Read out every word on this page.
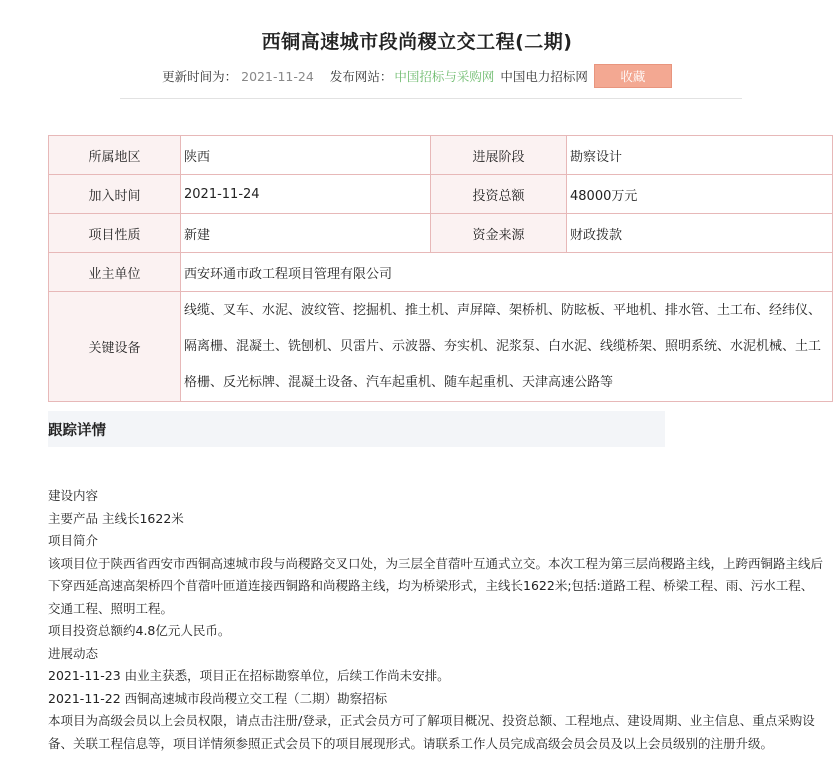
西铜高速城市段尚稷立交工程(二期)
更新时间为： 2021-11-24 发布网站： 中国招标与采购网 中国电力招标网	收藏
所属地区	陕西	进展阶段	勘察设计
加入时间	2021-11-24	投资总额	48000万元
项目性质	新建	资金来源	财政拨款
业主单位	西安环通市政工程项目管理有限公司		
关键设备	线缆、叉车、水泥、波纹管、挖掘机、推土机、声屏障、架桥机、防眩板、平地机、排水管、土工布、经纬仪、隔离栅、混凝土、铣刨机、贝雷片、示波器、夯实机、泥浆泵、白水泥、线缆桥架、照明系统、水泥机械、土工格栅、反光标牌、混凝土设备、汽车起重机、随车起重机、天津高速公路等		
跟踪详情

建设内容

主要产品 主线长1622米

项目简介

该项目位于陕西省西安市西铜高速城市段与尚稷路交叉口处，为三层全苜蓿叶互通式立交。本次工程为第三层尚稷路主线，上跨西铜路主线后下穿西延高速高架桥四个苜蓿叶匝道连接西铜路和尚稷路主线，均为桥梁形式，主线长1622米;包括:道路工程、桥梁工程、雨、污水工程、交通工程、照明工程。

项目投资总额约4.8亿元人民币。

进展动态

2021-11-23 由业主获悉，项目正在招标勘察单位，后续工作尚未安排。

2021-11-22 西铜高速城市段尚稷立交工程（二期）勘察招标

本项目为高级会员以上会员权限，请点击注册/登录，正式会员方可了解项目概况、投资总额、工程地点、建设周期、业主信息、重点采购设备、关联工程信息等，项目详情须参照正式会员下的项目展现形式。请联系工作人员完成高级会员会员及以上会员级别的注册升级。
